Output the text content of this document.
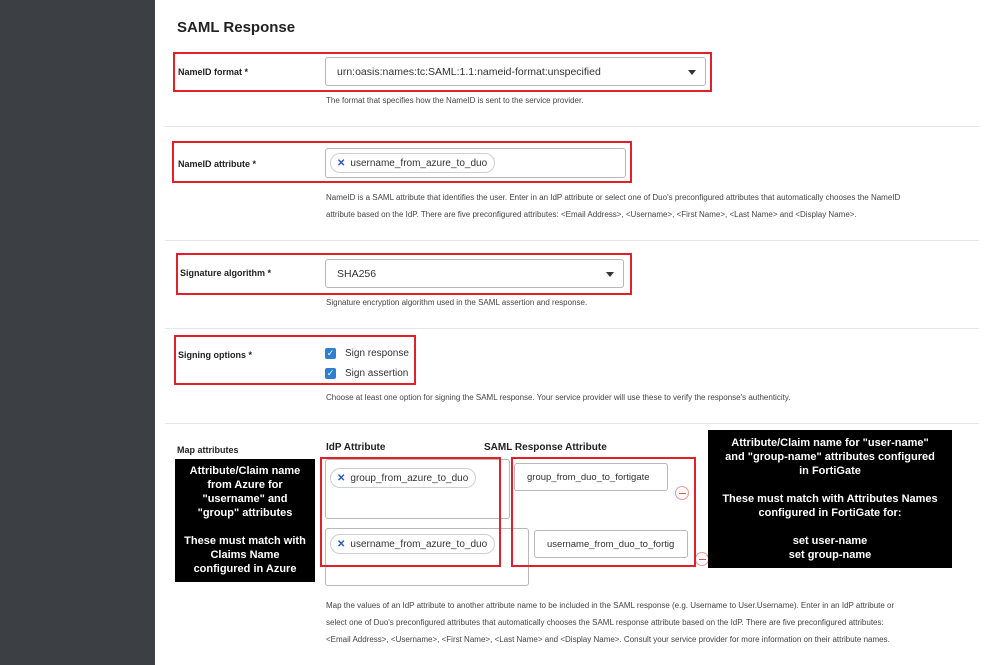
SAML Response
NameID format *	urn:oasis:names:tc:SAML:1.1:nameid-format:unspecified
The format that specifies how the NameID is sent to the service provider.
NameID attribute *	✕ username_from_azure_to_duo
NameID is a SAML attribute that identifies the user. Enter in an IdP attribute or select one of Duo's preconfigured attributes that automatically chooses the NameID
attribute based on the IdP. There are five preconfigured attributes: <Email Address>, <Username>, <First Name>, <Last Name> and <Display Name>.
Signature algorithm *	SHA256
Signature encryption algorithm used in the SAML assertion and response.
Signing options *	✓ Sign response
✓ Sign assertion
Choose at least one option for signing the SAML response. Your service provider will use these to verify the response's authenticity.
Map attributes	IdP Attribute	SAML Response Attribute
✕ group_from_azure_to_duo	group_from_duo_to_fortigate
✕ username_from_azure_to_duo	username_from_duo_to_fortig
Attribute/Claim name
from Azure for
"username" and
"group" attributes
These must match with
Claims Name
configured in Azure
Attribute/Claim name for "user-name"
and "group-name" attributes configured
in FortiGate
These must match with Attributes Names
configured in FortiGate for:
set user-name
set group-name
Map the values of an IdP attribute to another attribute name to be included in the SAML response (e.g. Username to User.Username). Enter in an IdP attribute or
select one of Duo's preconfigured attributes that automatically chooses the SAML response attribute based on the IdP. There are five preconfigured attributes:
<Email Address>, <Username>, <First Name>, <Last Name> and <Display Name>. Consult your service provider for more information on their attribute names.
